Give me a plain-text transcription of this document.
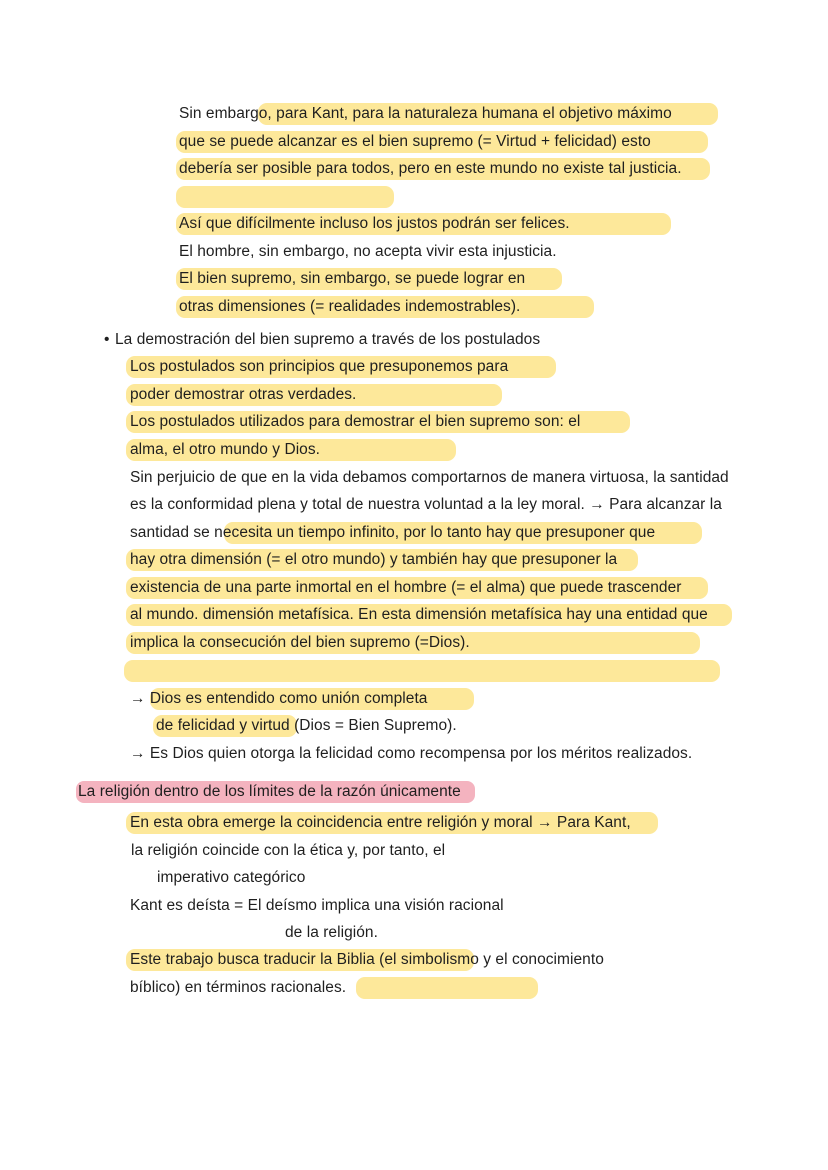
Sin embargo, para Kant, para la naturaleza humana el objetivo máximo
que se puede alcanzar es el bien supremo (= Virtud + felicidad) esto
debería ser posible para todos, pero en este mundo no existe tal justicia.
Así que difícilmente incluso los justos podrán ser felices.
El hombre, sin embargo, no acepta vivir esta injusticia.
El bien supremo, sin embargo, se puede lograr en
otras dimensiones (= realidades indemostrables).
• La demostración del bien supremo a través de los postulados
Los postulados son principios que presuponemos para
poder demostrar otras verdades.
Los postulados utilizados para demostrar el bien supremo son: el
alma, el otro mundo y Dios.
Sin perjuicio de que en la vida debamos comportarnos de manera virtuosa, la santidad
es la conformidad plena y total de nuestra voluntad a la ley moral. → Para alcanzar la
santidad se necesita un tiempo infinito, por lo tanto hay que presuponer que
hay otra dimensión (= el otro mundo) y también hay que presuponer la
existencia de una parte inmortal en el hombre (= el alma) que puede trascender
al mundo. dimensión metafísica. En esta dimensión metafísica hay una entidad que
implica la consecución del bien supremo (=Dios).
→ Dios es entendido como unión completa
de felicidad y virtud (Dios = Bien Supremo).
→ Es Dios quien otorga la felicidad como recompensa por los méritos realizados.
La religión dentro de los límites de la razón únicamente
En esta obra emerge la coincidencia entre religión y moral → Para Kant,
la religión coincide con la ética y, por tanto, el
imperativo categórico
Kant es deísta = El deísmo implica una visión racional
de la religión.
Este trabajo busca traducir la Biblia (el simbolismo y el conocimiento
bíblico) en términos racionales.
